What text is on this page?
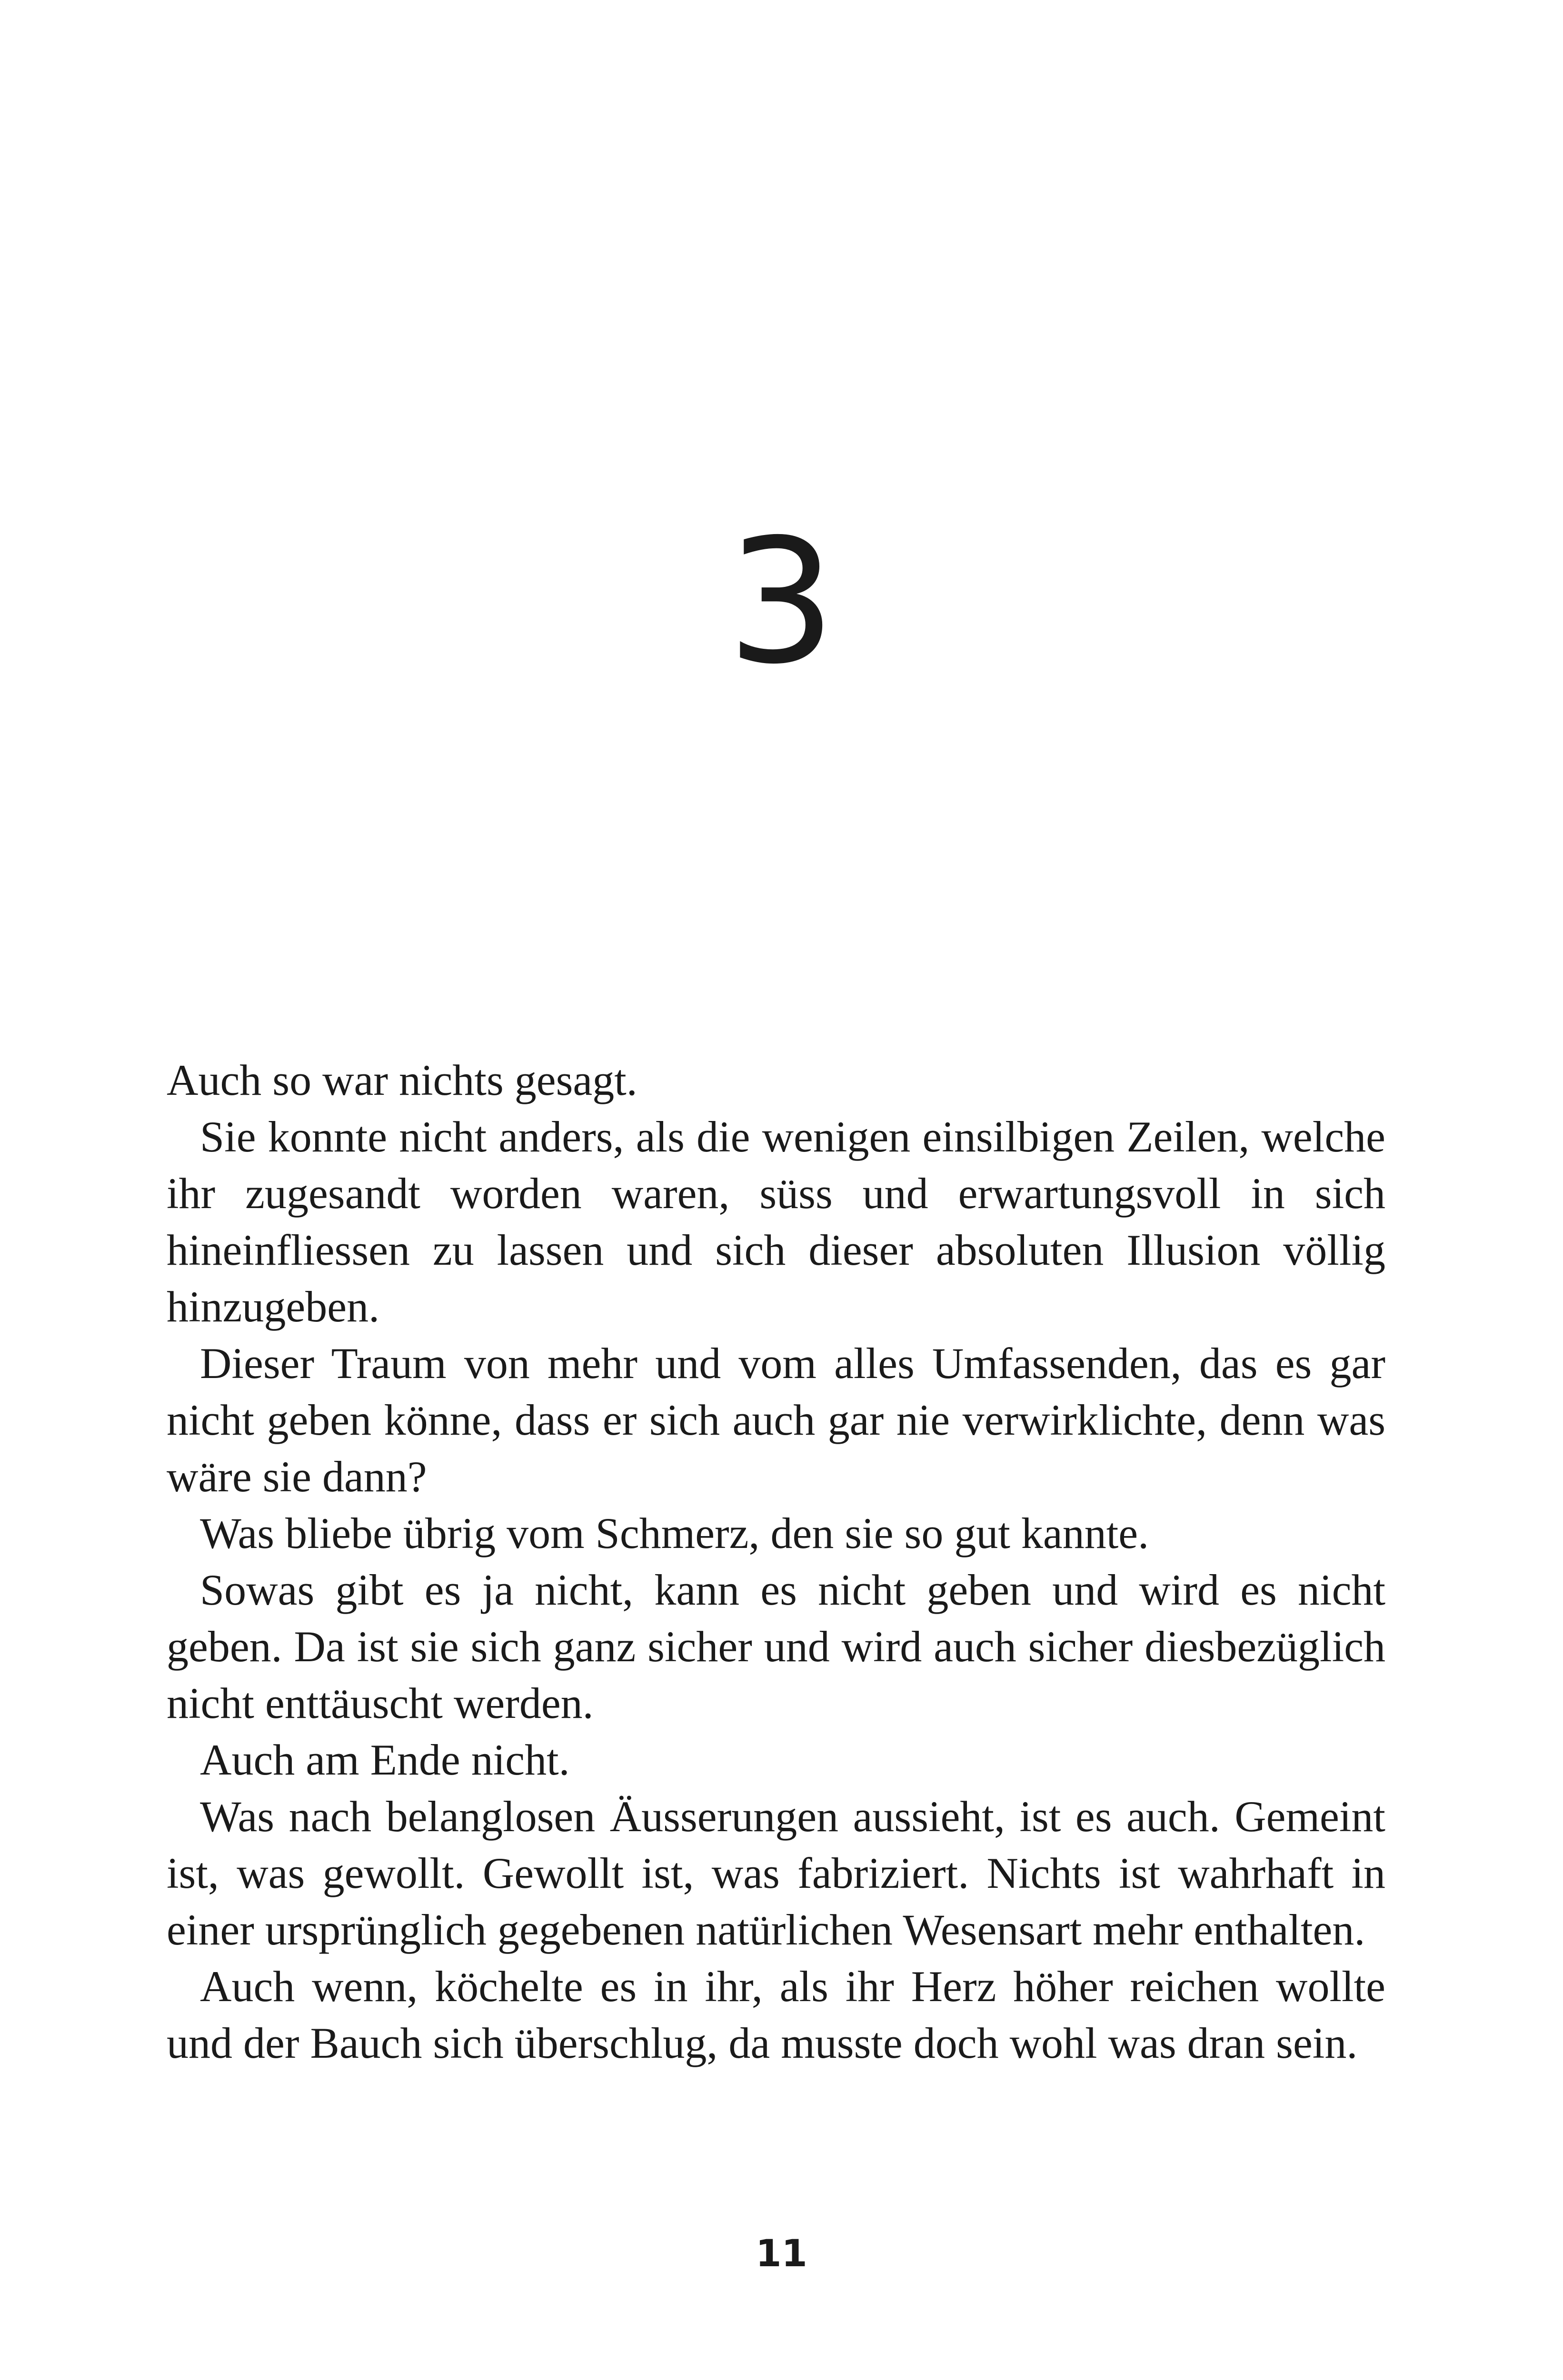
3

Auch so war nichts gesagt.

Sie konnte nicht anders, als die wenigen einsilbigen Zeilen, welche ihr zugesandt worden waren, süss und erwartungsvoll in sich hineinfliessen zu lassen und sich dieser absoluten Illusion völlig hinzugeben.

Dieser Traum von mehr und vom alles Umfassenden, das es gar nicht geben könne, dass er sich auch gar nie verwirklichte, denn was wäre sie dann?

Was bliebe übrig vom Schmerz, den sie so gut kannte.

Sowas gibt es ja nicht, kann es nicht geben und wird es nicht geben. Da ist sie sich ganz sicher und wird auch sicher diesbezüglich nicht enttäuscht werden.

Auch am Ende nicht.

Was nach belanglosen Äusserungen aussieht, ist es auch. Gemeint ist, was gewollt. Gewollt ist, was fabriziert. Nichts ist wahrhaft in einer ursprünglich gegebenen natürlichen Wesensart mehr enthalten.

Auch wenn, köchelte es in ihr, als ihr Herz höher reichen wollte und der Bauch sich überschlug, da musste doch wohl was dran sein.

11
